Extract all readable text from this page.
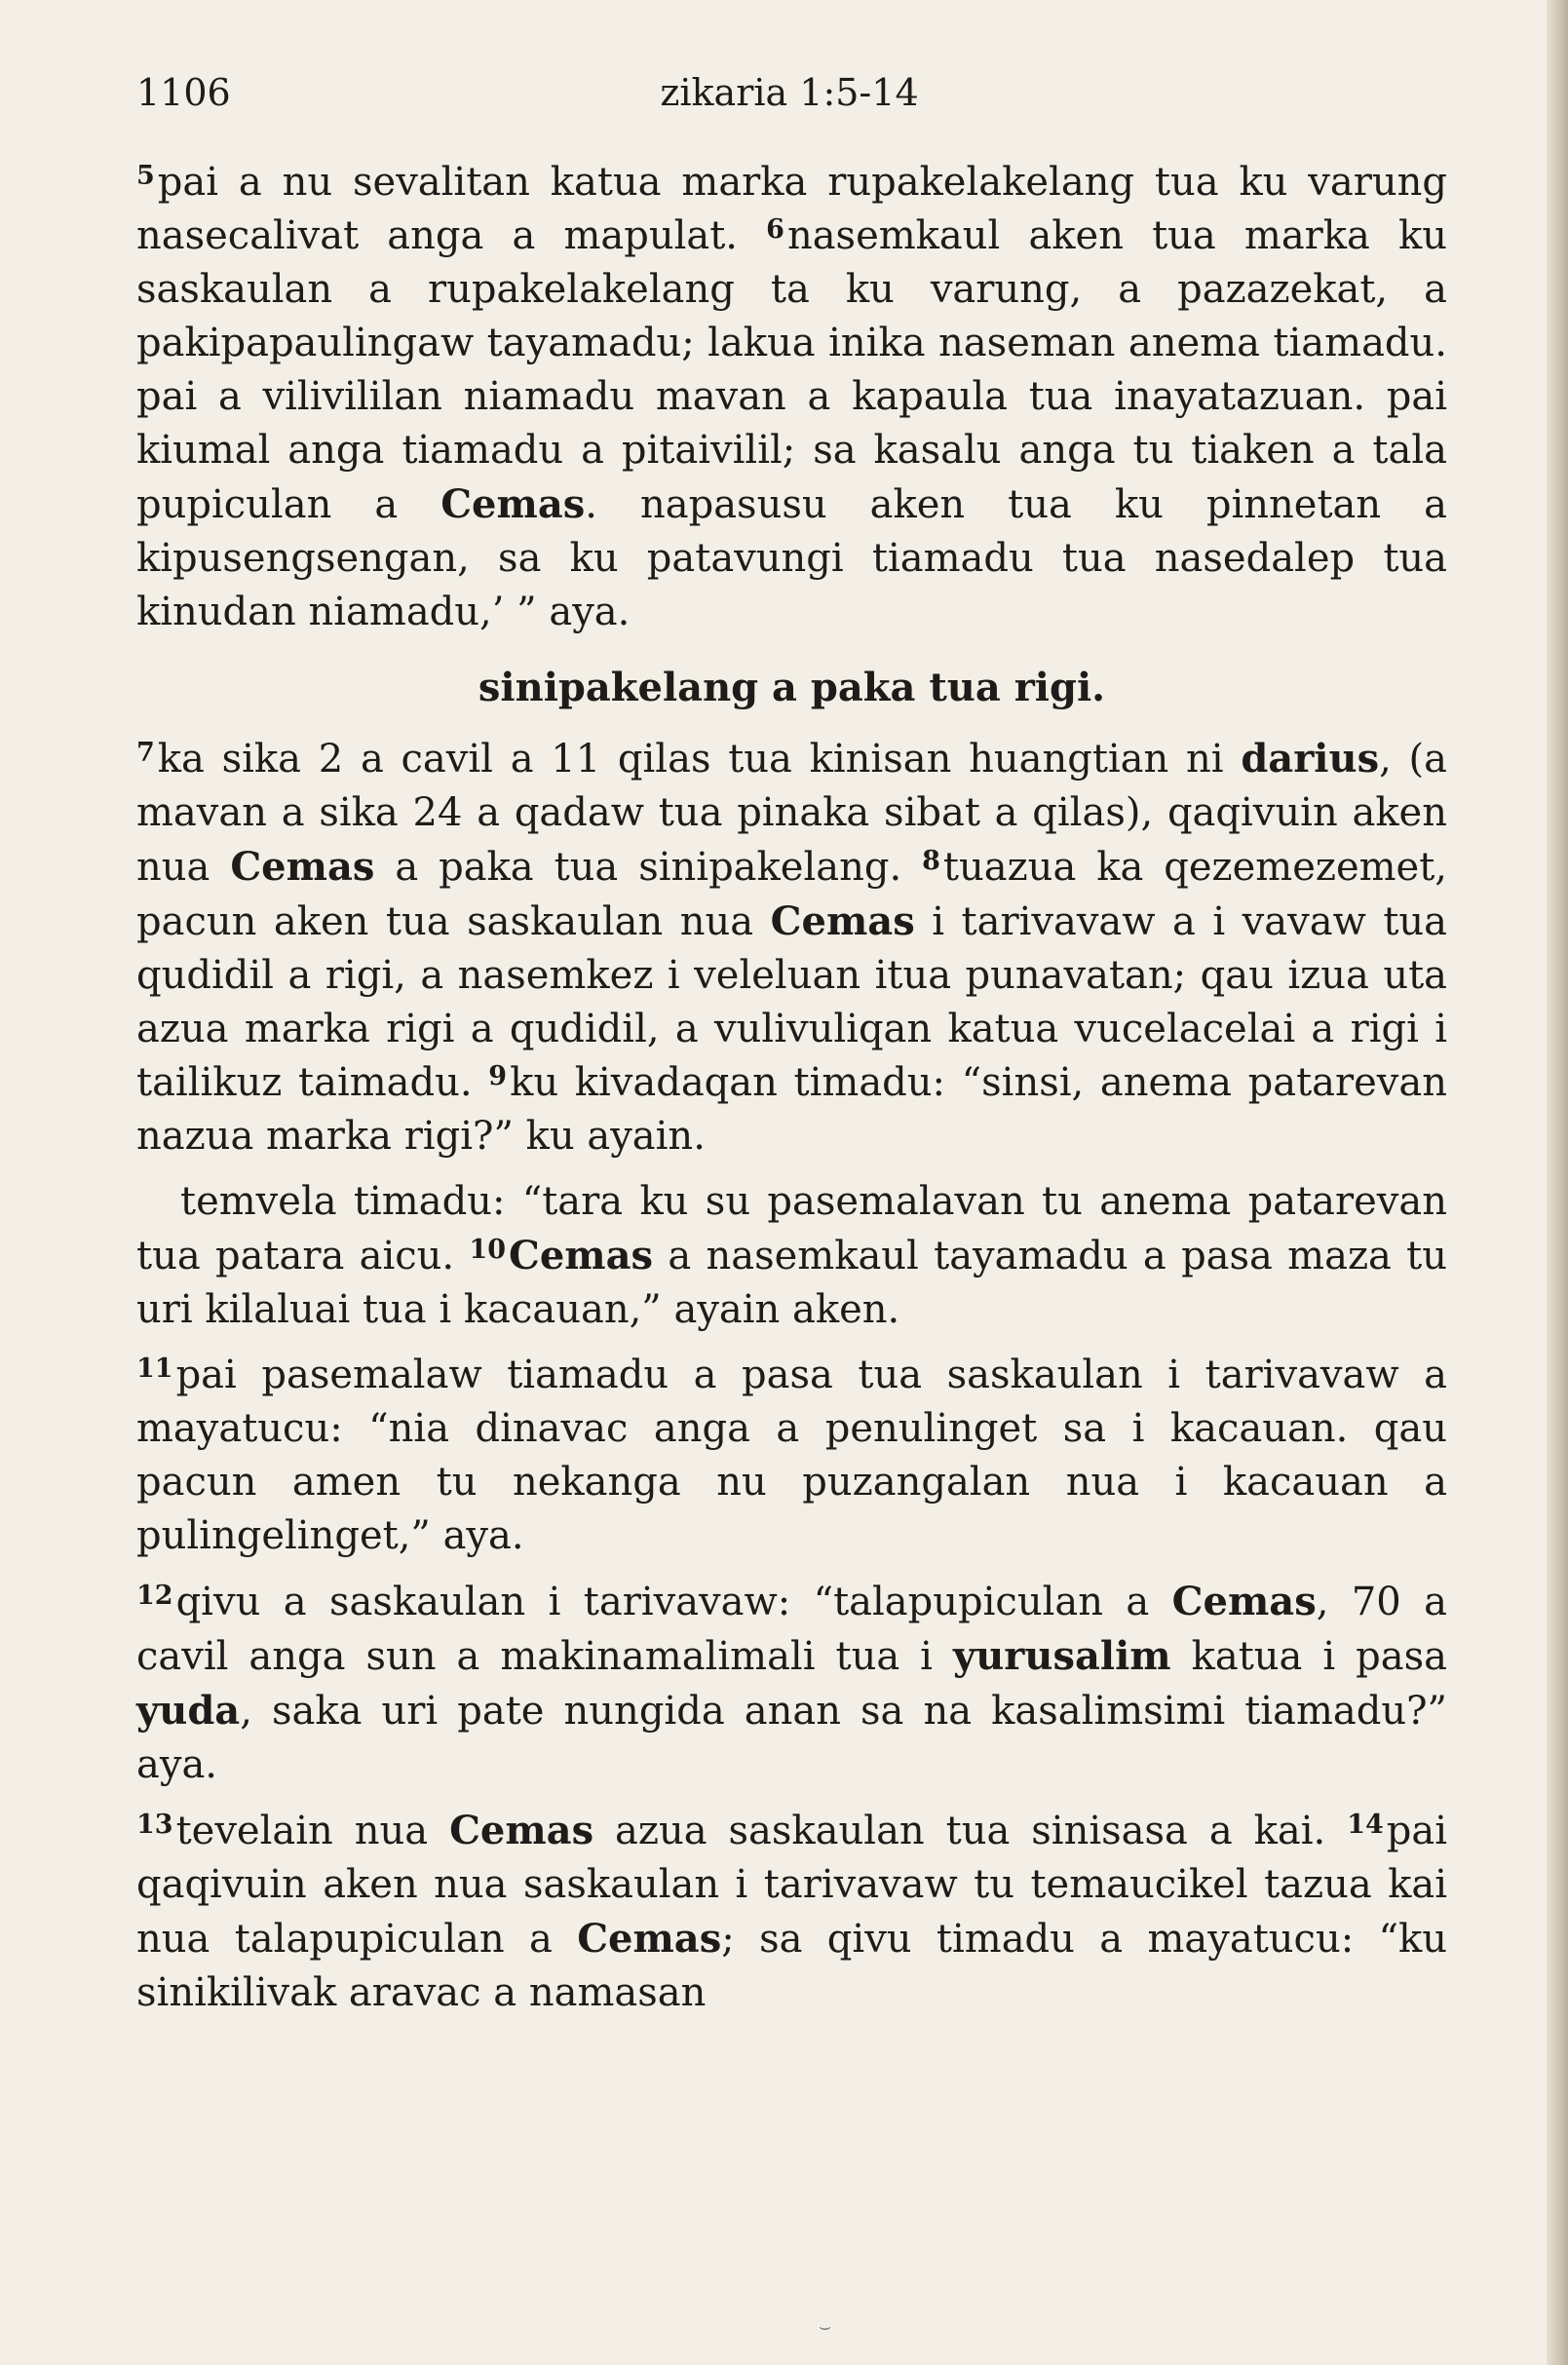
1106	zikaria 1:5-14

$^5$pai a nu sevalitan katua marka rupakelakelang tua ku varung nasecalivat anga a mapulat. $^6$nasemkaul aken tua marka ku saskaulan a rupakelakelang ta ku varung, a pazazekat, a pakipapaulingaw tayamadu; lakua inika naseman anema tiamadu. pai a vilivililan niamadu mavan a kapaula tua inayatazuan. pai kiumal anga tiamadu a pitaivilil; sa kasalu anga tu tiaken a tala pupiculan a Cemas. napasusu aken tua ku pinnetan a kipusengsengan, sa ku patavungi tiamadu tua nasedalep tua kinudan niamadu,’ ” aya.

sinipakelang a paka tua rigi.

$^7$ka sika 2 a cavil a 11 qilas tua kinisan huangtian ni darius, (a mavan a sika 24 a qadaw tua pinaka sibat a qilas), qaqivuin aken nua Cemas a paka tua sinipakelang. $^8$tuazua ka qezemezemet, pacun aken tua saskaulan nua Cemas i tarivavaw a i vavaw tua qudidil a rigi, a nasemkez i veleluan itua punavatan; qau izua uta azua marka rigi a qudidil, a vulivuliqan katua vucelacelai a rigi i tailikuz taimadu. $^9$ku kivadaqan timadu: “sinsi, anema patarevan nazua marka rigi?” ku ayain.

temvela timadu: “tara ku su pasemalavan tu anema patarevan tua patara aicu. $^{10}$Cemas a nasemkaul tayamadu a pasa maza tu uri kilaluai tua i kacauan,” ayain aken.

$^{11}$pai pasemalaw tiamadu a pasa tua saskaulan i tarivavaw a mayatucu: “nia dinavac anga a penulinget sa i kacauan. qau pacun amen tu nekanga nu puzangalan nua i kacauan a pulingelinget,” aya.

$^{12}$qivu a saskaulan i tarivavaw: “talapupiculan a Cemas, 70 a cavil anga sun a makinamalimali tua i yurusalim katua i pasa yuda, saka uri pate nungida anan sa na kasalimsimi tiamadu?” aya.

$^{13}$tevelain nua Cemas azua saskaulan tua sinisasa a kai. $^{14}$pai qaqivuin aken nua saskaulan i tarivavaw tu temaucikel tazua kai nua talapupiculan a Cemas; sa qivu timadu a mayatucu: “ku sinikilivak aravac a namasan

⌣
